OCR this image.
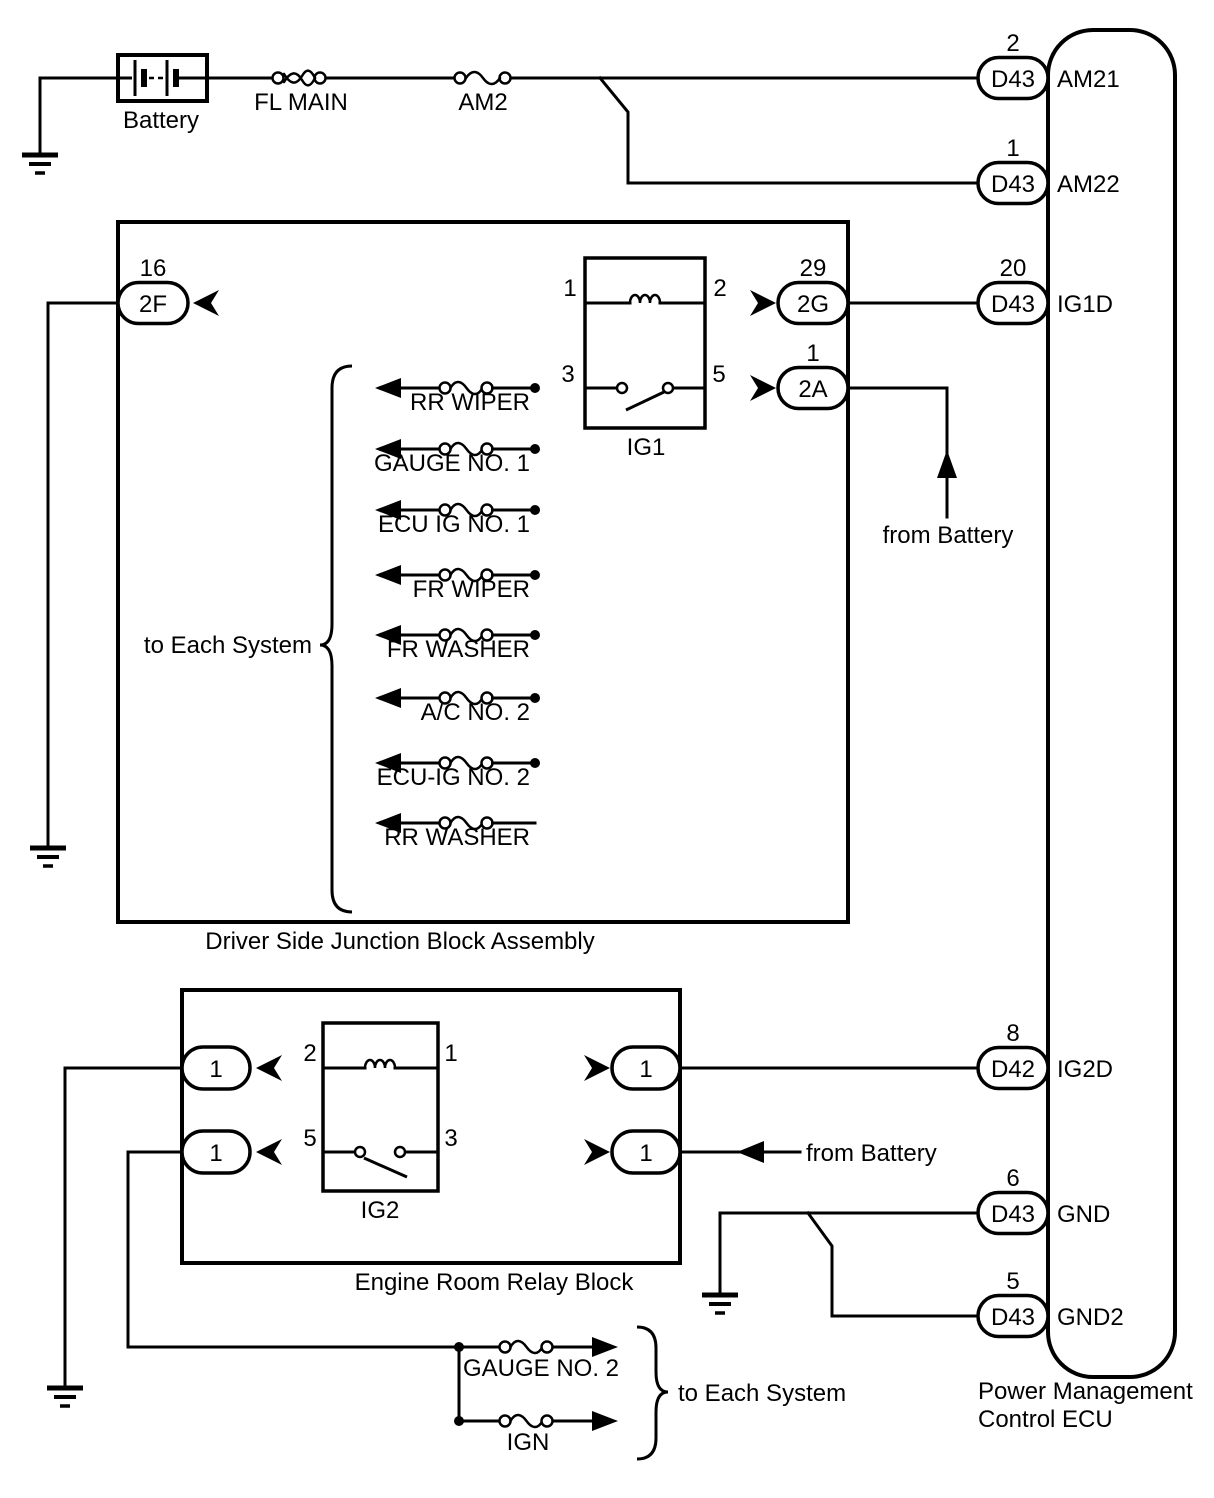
Battery
FL MAIN	AM2
Driver Side Junction Block Assembly
1	2
3	5
IG1
2F
16
2G
29
2A
1
from Battery
RR WIPER
GAUGE NO. 1
ECU IG NO. 1
FR WIPER
FR WASHER
A/C NO. 2
ECU-IG NO. 2
RR WASHER
to Each System
Engine Room Relay Block
2	1
5	3
IG2
1
1
1
1	from Battery
GAUGE NO. 2
IGN
to Each System	Power Management
Control ECU
D43
2
AM21
D43
1
AM22
D43
20
IG1D
D42
8
IG2D
D43
6
GND
D43
5
GND2
